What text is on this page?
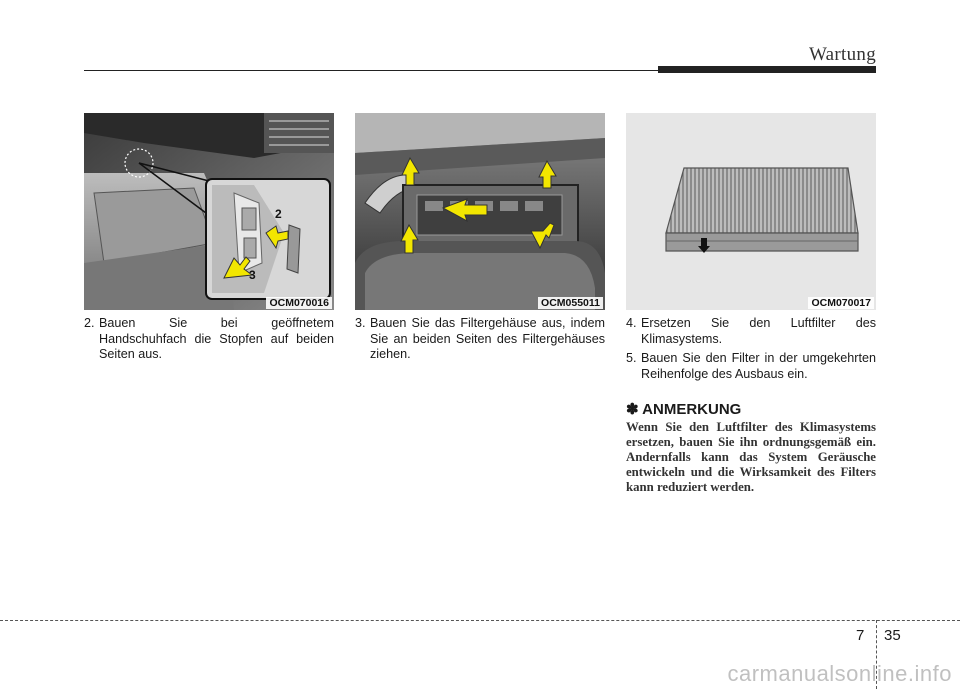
Wartung
2
3
OCM070016	OCM055011	OCM070017
2. Bauen Sie bei geöffnetem Handschuhfach die Stopfen auf beiden Seiten aus.
3. Bauen Sie das Filtergehäuse aus, indem Sie an beiden Seiten des Filtergehäuses ziehen.
4. Ersetzen Sie den Luftfilter des Klimasystems.
5. Bauen Sie den Filter in der umgekehrten Reihenfolge des Ausbaus ein.
✽ ANMERKUNG
Wenn Sie den Luftfilter des Klimasystems ersetzen, bauen Sie ihn ordnungsgemäß ein. Andernfalls kann das System Geräusche entwickeln und die Wirksamkeit des Filters kann reduziert werden.
7 35
carmanualsonline.info
